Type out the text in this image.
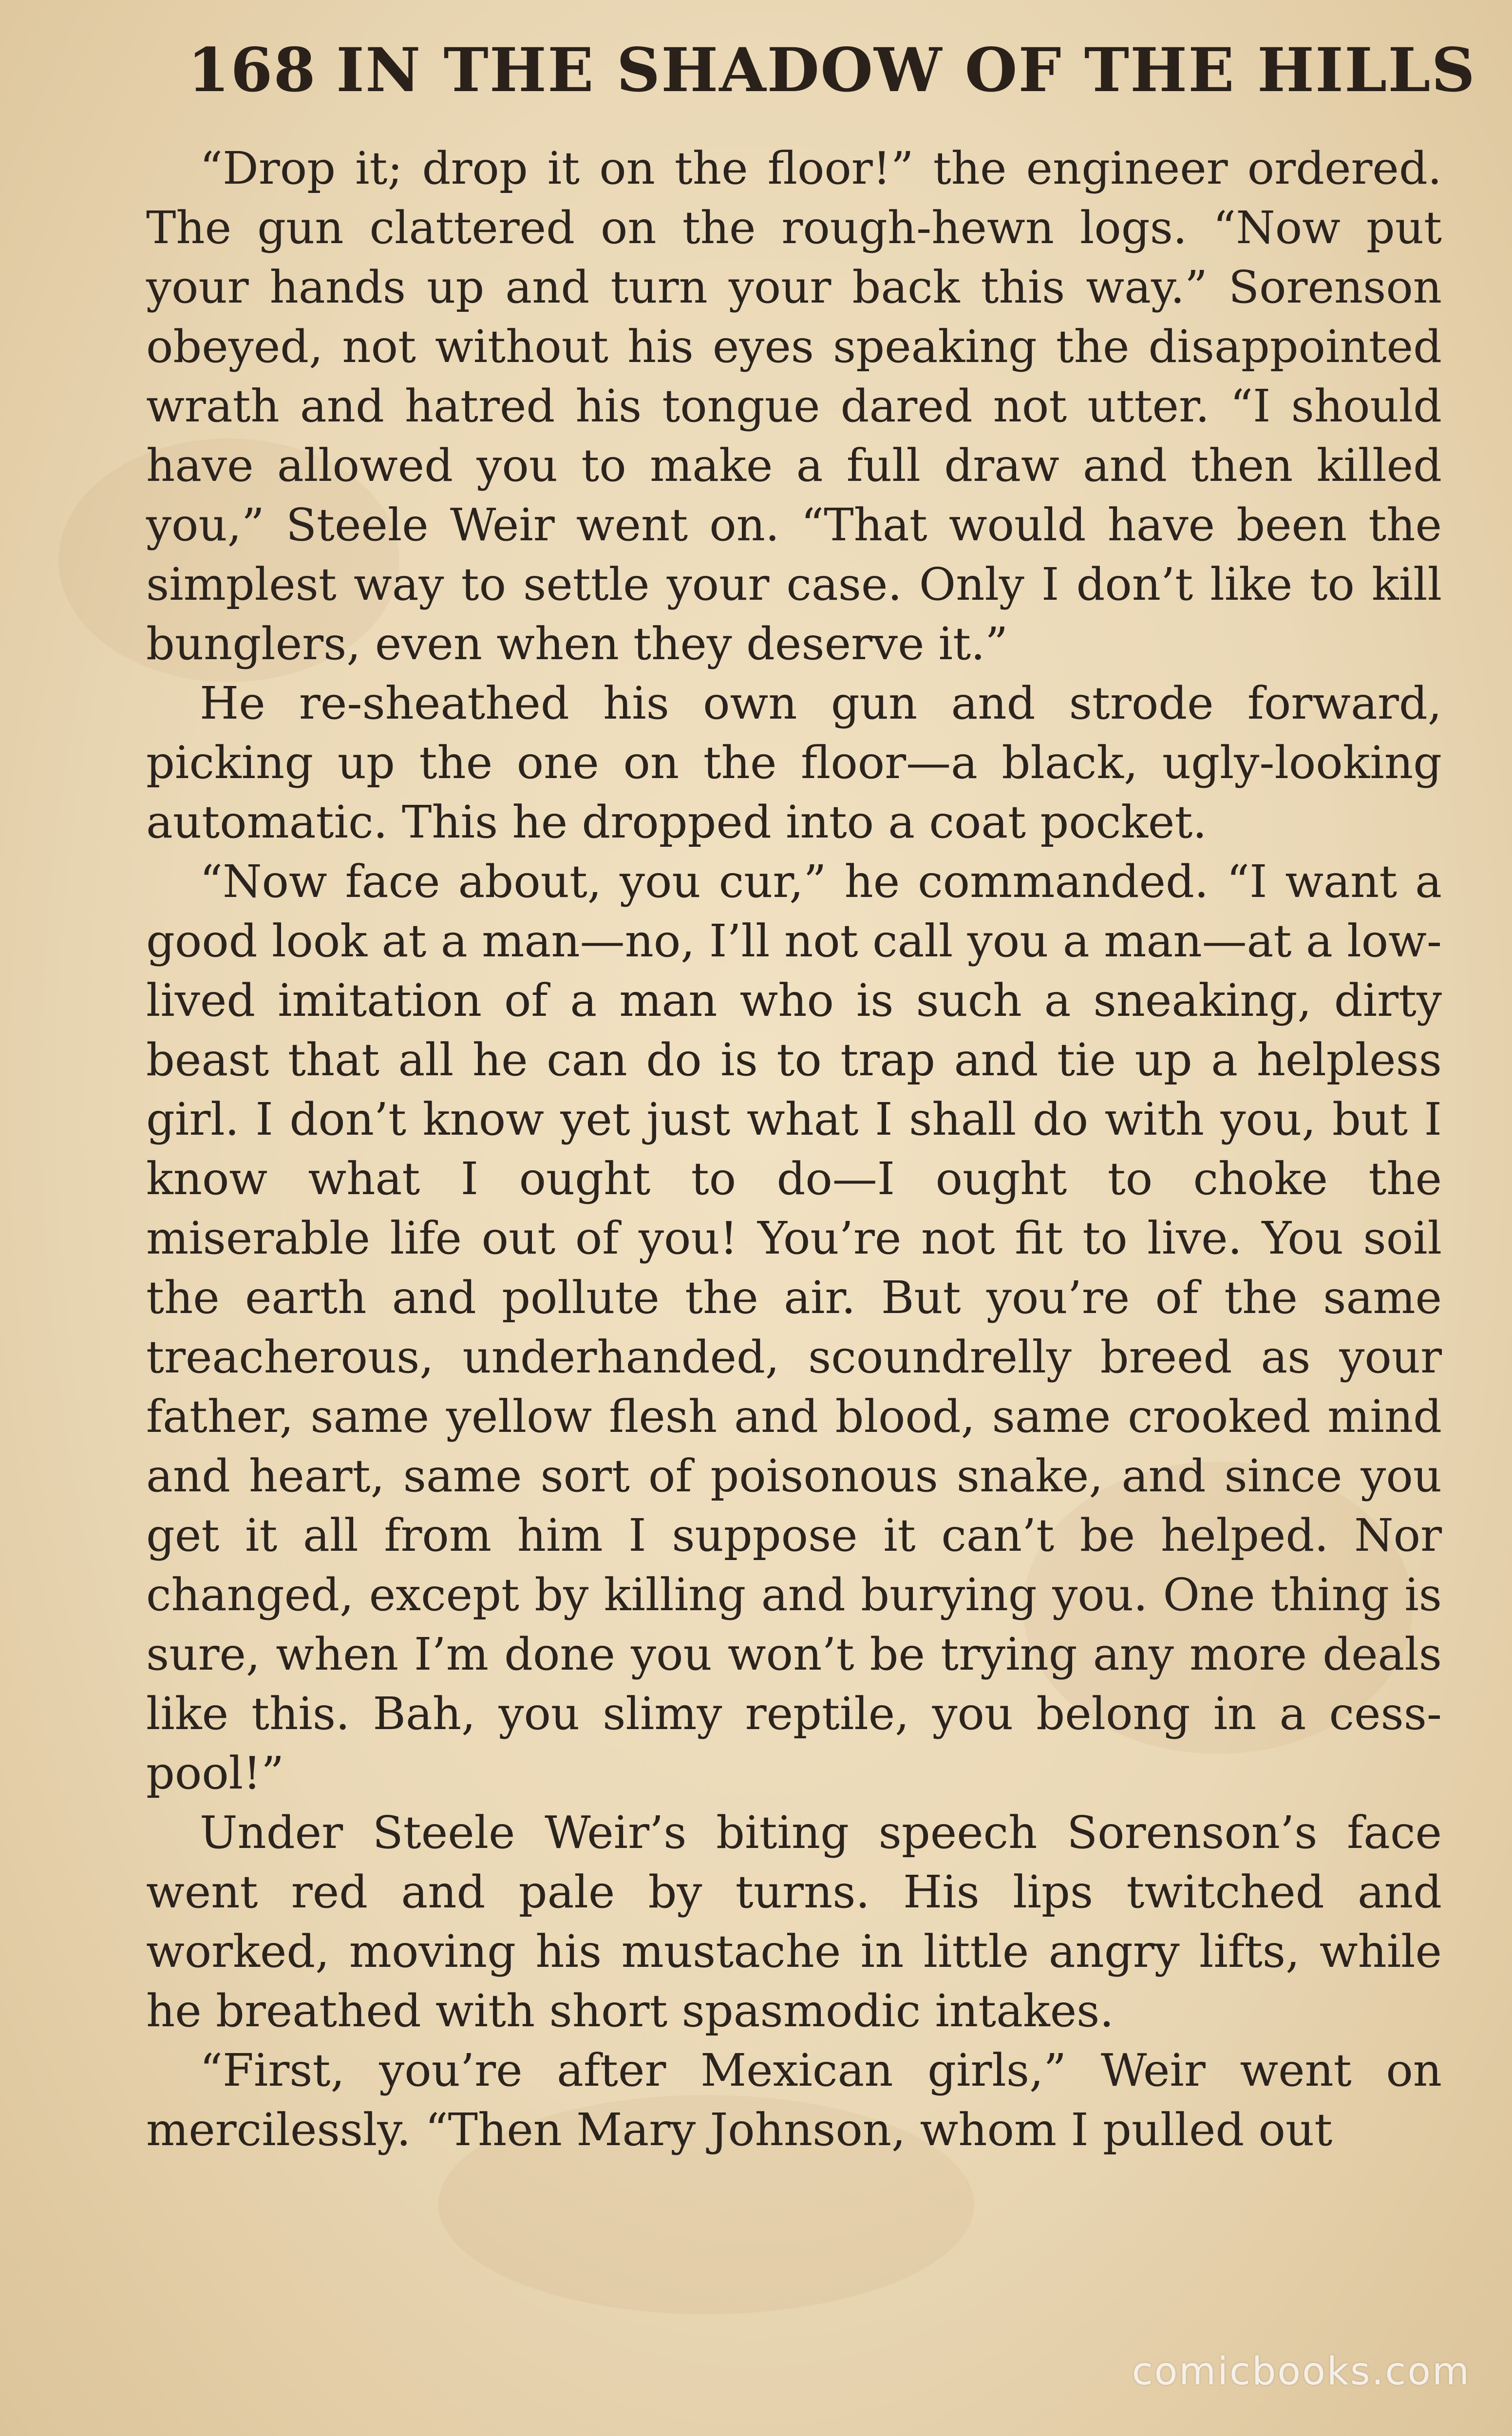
168 IN THE SHADOW OF THE HILLS

“Drop it; drop it on the floor!” the engineer ordered. The gun clattered on the rough-hewn logs. “Now put your hands up and turn your back this way.” Sorenson obeyed, not without his eyes speaking the disappointed wrath and hatred his tongue dared not utter. “I should have allowed you to make a full draw and then killed you,” Steele Weir went on. “That would have been the simplest way to settle your case. Only I don’t like to kill bunglers, even when they deserve it.”

He re-sheathed his own gun and strode forward, picking up the one on the floor—a black, ugly-looking automatic. This he dropped into a coat pocket.

“Now face about, you cur,” he commanded. “I want a good look at a man—no, I’ll not call you a man—at a low-lived imitation of a man who is such a sneaking, dirty beast that all he can do is to trap and tie up a helpless girl. I don’t know yet just what I shall do with you, but I know what I ought to do—I ought to choke the miserable life out of you! You’re not fit to live. You soil the earth and pollute the air. But you’re of the same treacherous, underhanded, scoundrelly breed as your father, same yellow flesh and blood, same crooked mind and heart, same sort of poisonous snake, and since you get it all from him I suppose it can’t be helped. Nor changed, except by killing and burying you. One thing is sure, when I’m done you won’t be trying any more deals like this. Bah, you slimy reptile, you belong in a cess-pool!”

Under Steele Weir’s biting speech Sorenson’s face went red and pale by turns. His lips twitched and worked, moving his mustache in little angry lifts, while he breathed with short spasmodic intakes.

“First, you’re after Mexican girls,” Weir went on mercilessly. “Then Mary Johnson, whom I pulled out

comicbooks.com
